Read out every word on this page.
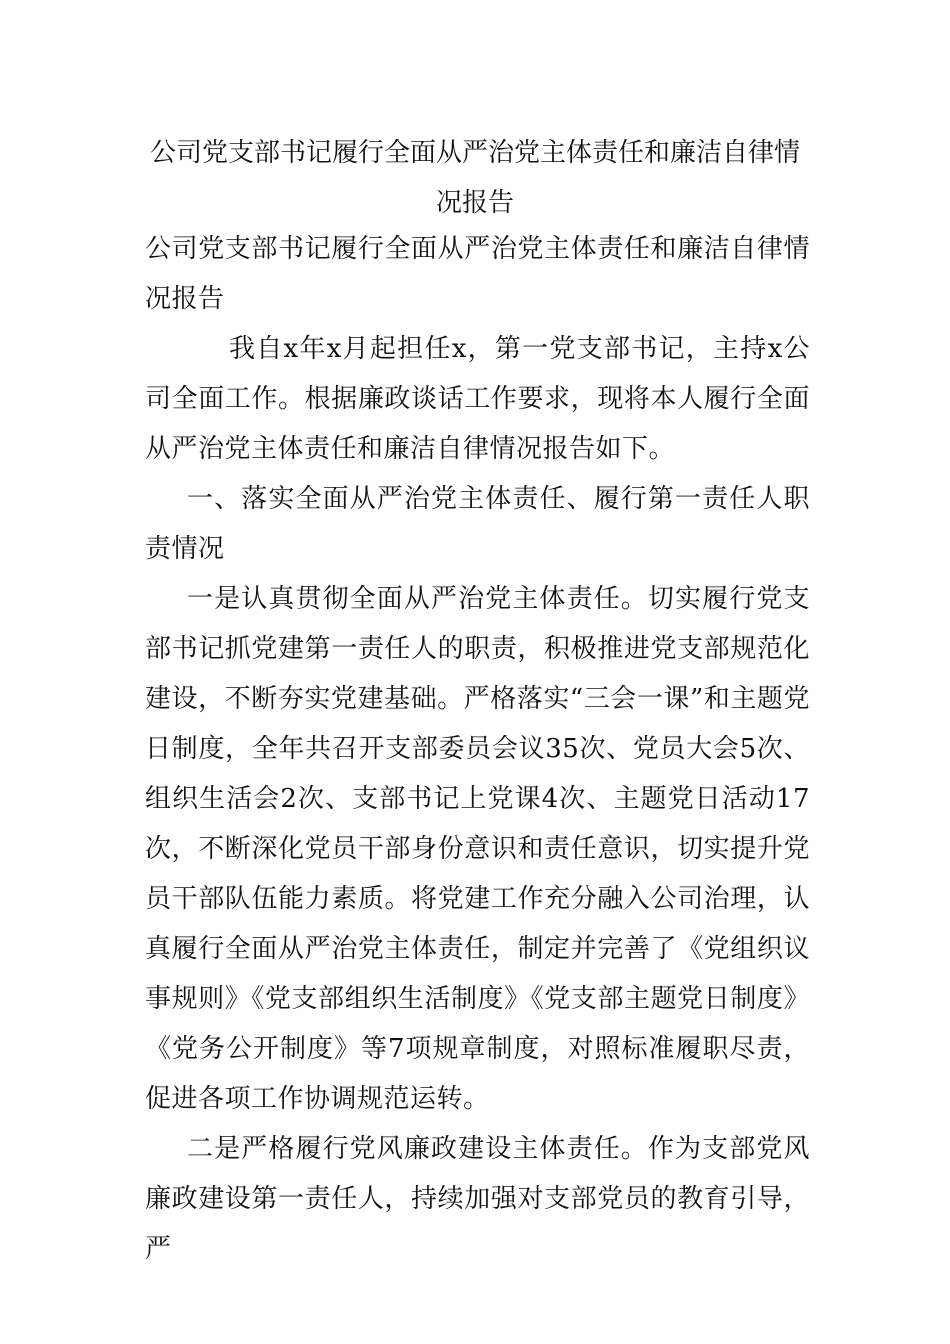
公司党支部书记履行全面从严治党主体责任和廉洁自律情况报告

公司党支部书记履行全面从严治党主体责任和廉洁自律情况报告

我自x年x月起担任x，第一党支部书记，主持x公司全面工作。根据廉政谈话工作要求，现将本人履行全面从严治党主体责任和廉洁自律情况报告如下。

一、落实全面从严治党主体责任、履行第一责任人职责情况

一是认真贯彻全面从严治党主体责任。切实履行党支部书记抓党建第一责任人的职责，积极推进党支部规范化建设，不断夯实党建基础。严格落实“三会一课”和主题党日制度，全年共召开支部委员会议35次、党员大会5次、组织生活会2次、支部书记上党课4次、主题党日活动17次，不断深化党员干部身份意识和责任意识，切实提升党员干部队伍能力素质。将党建工作充分融入公司治理，认真履行全面从严治党主体责任，制定并完善了《党组织议事规则》《党支部组织生活制度》《党支部主题党日制度》《党务公开制度》等7项规章制度，对照标准履职尽责，促进各项工作协调规范运转。

二是严格履行党风廉政建设主体责任。作为支部党风廉政建设第一责任人，持续加强对支部党员的教育引导，严
